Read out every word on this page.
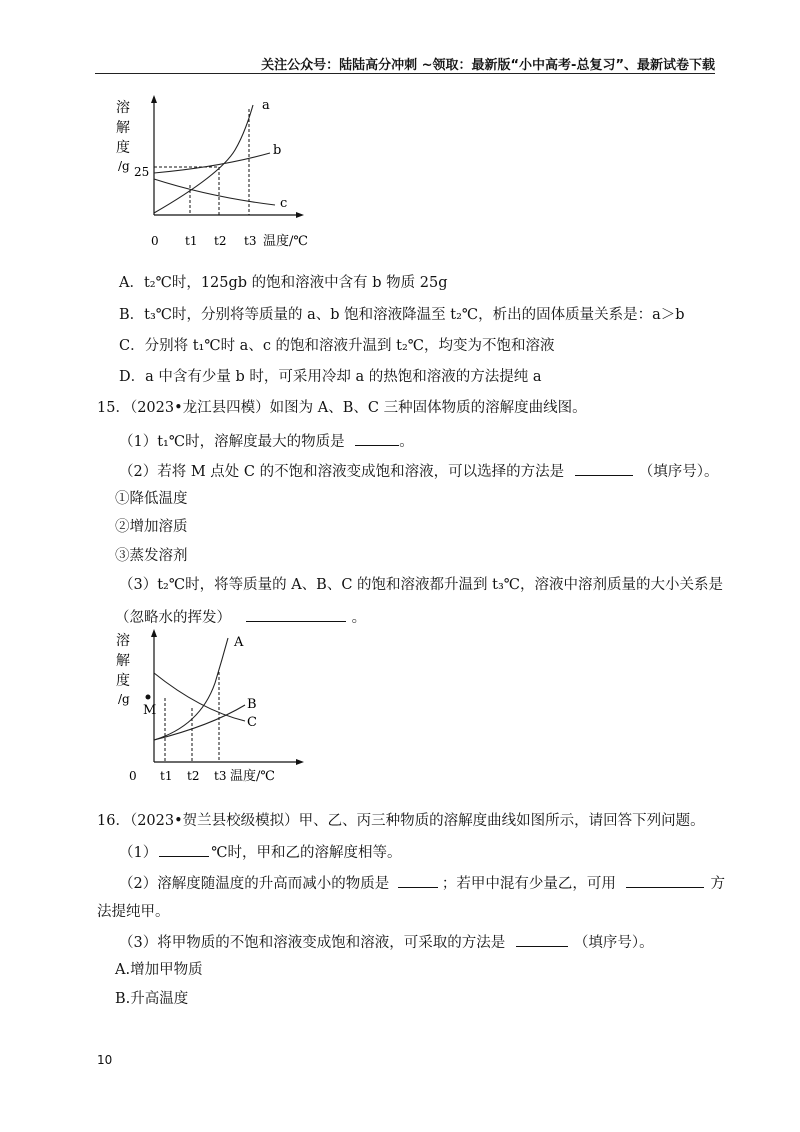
关注公众号：陆陆高分冲刺 ~领取：最新版“小中高考-总复习”、最新试卷下载
溶
解
度
/g 25
a
b
c
0 t1 t2 t3 温度/℃
A．t₂℃时，125gb 的饱和溶液中含有 b 物质 25g
B．t₃℃时，分别将等质量的 a、b 饱和溶液降温至 t₂℃，析出的固体质量关系是：a＞b
C．分别将 t₁℃时 a、c 的饱和溶液升温到 t₂℃，均变为不饱和溶液
D．a 中含有少量 b 时，可采用冷却 a 的热饱和溶液的方法提纯 a
15．（2023•龙江县四模）如图为 A、B、C 三种固体物质的溶解度曲线图。
（1）t₁℃时，溶解度最大的物质是	。
（2）若将 M 点处 C 的不饱和溶液变成饱和溶液，可以选择的方法是	（填序号）。
①降低温度
②增加溶质
③蒸发溶剂
（3）t₂℃时，将等质量的 A、B、C 的饱和溶液都升温到 t₃℃，溶液中溶剂质量的大小关系是
（忽略水的挥发）	。
溶
解
度
/g
A
B
C
M
0 t1 t2 t3 温度/℃
16．（2023•贺兰县校级模拟）甲、乙、丙三种物质的溶解度曲线如图所示，请回答下列问题。
（1）	℃时，甲和乙的溶解度相等。
（2）溶解度随温度的升高而减小的物质是	；若甲中混有少量乙，可用	方
法提纯甲。
（3）将甲物质的不饱和溶液变成饱和溶液，可采取的方法是	（填序号）。
A.增加甲物质
B.升高温度
10
